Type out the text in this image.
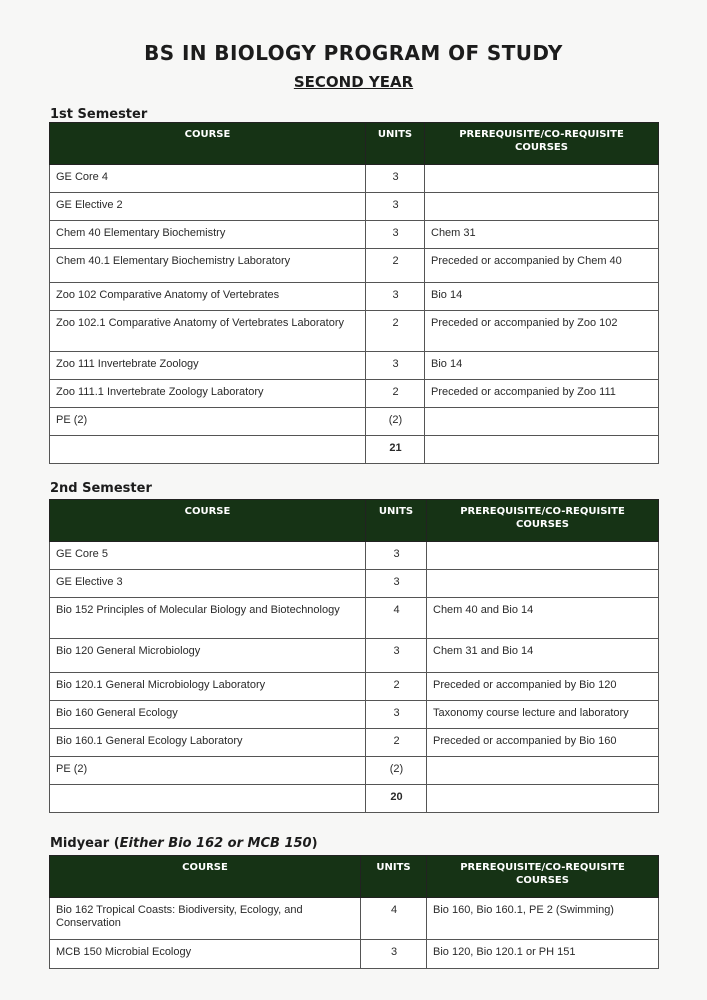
BS IN BIOLOGY PROGRAM OF STUDY
SECOND YEAR
1st Semester
COURSE	UNITS	PREREQUISITE/CO-REQUISITE
COURSES
GE Core 4	3	
GE Elective 2	3	
Chem 40 Elementary Biochemistry	3	Chem 31
Chem 40.1 Elementary Biochemistry Laboratory	2	Preceded or accompanied by Chem 40
Zoo 102 Comparative Anatomy of Vertebrates	3	Bio 14
Zoo 102.1 Comparative Anatomy of Vertebrates Laboratory	2	Preceded or accompanied by Zoo 102
Zoo 111 Invertebrate Zoology	3	Bio 14
Zoo 111.1 Invertebrate Zoology Laboratory	2	Preceded or accompanied by Zoo 111
PE (2)	(2)	
	21	
2nd Semester
COURSE	UNITS	PREREQUISITE/CO-REQUISITE
COURSES
GE Core 5	3	
GE Elective 3	3	
Bio 152 Principles of Molecular Biology and Biotechnology	4	Chem 40 and Bio 14
Bio 120 General Microbiology	3	Chem 31 and Bio 14
Bio 120.1 General Microbiology Laboratory	2	Preceded or accompanied by Bio 120
Bio 160 General Ecology	3	Taxonomy course lecture and laboratory
Bio 160.1 General Ecology Laboratory	2	Preceded or accompanied by Bio 160
PE (2)	(2)	
	20	
Midyear (Either Bio 162 or MCB 150)
COURSE	UNITS	PREREQUISITE/CO-REQUISITE
COURSES
Bio 162 Tropical Coasts: Biodiversity, Ecology, and Conservation	4	Bio 160, Bio 160.1, PE 2 (Swimming)
MCB 150 Microbial Ecology	3	Bio 120, Bio 120.1 or PH 151
